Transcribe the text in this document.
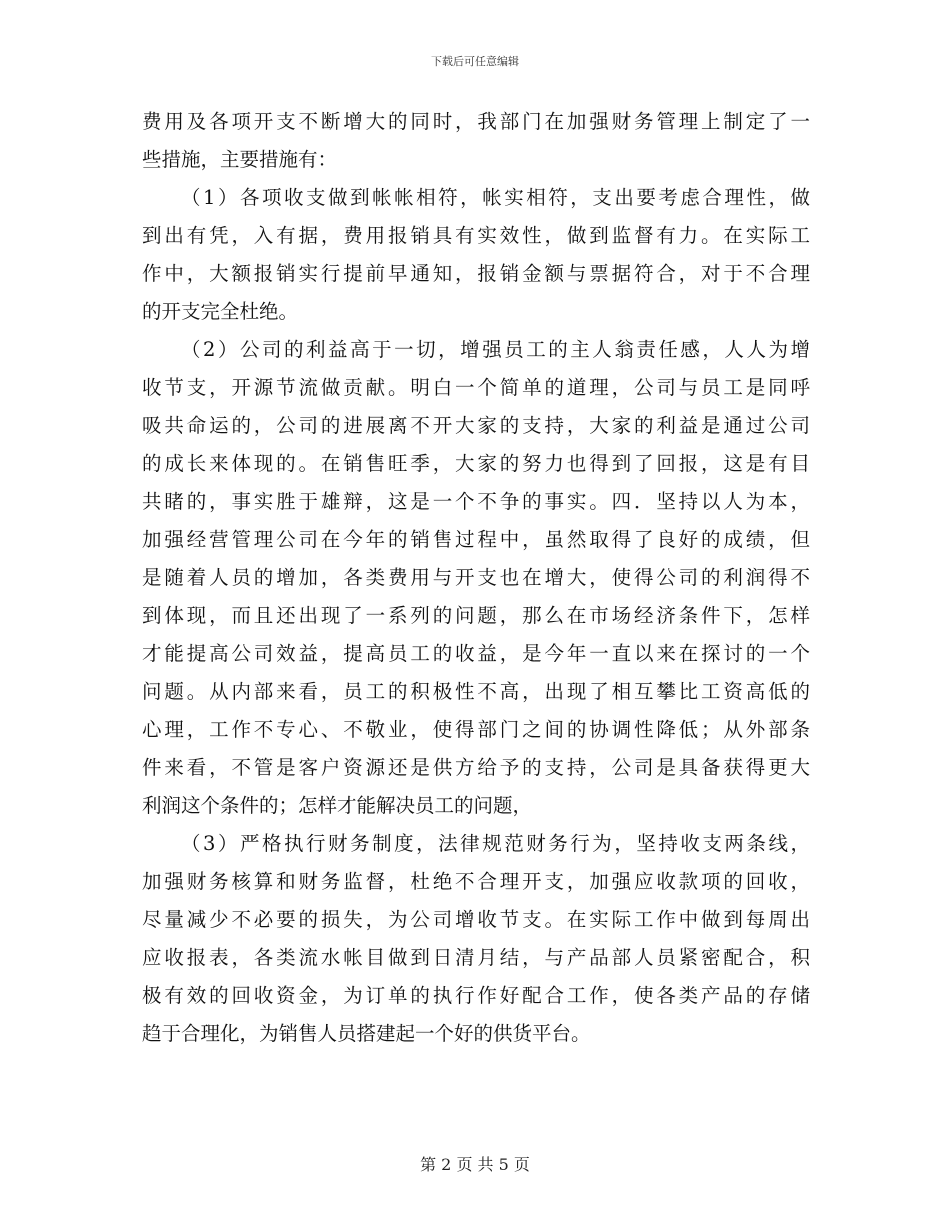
下载后可任意编辑
费用及各项开支不断增大的同时，我部门在加强财务管理上制定了一
些措施，主要措施有：
（1）各项收支做到帐帐相符，帐实相符，支出要考虑合理性，做
到出有凭，入有据，费用报销具有实效性，做到监督有力。在实际工
作中，大额报销实行提前早通知，报销金额与票据符合，对于不合理
的开支完全杜绝。
（2）公司的利益高于一切，增强员工的主人翁责任感，人人为增
收节支，开源节流做贡献。明白一个简单的道理，公司与员工是同呼
吸共命运的，公司的进展离不开大家的支持，大家的利益是通过公司
的成长来体现的。在销售旺季，大家的努力也得到了回报，这是有目
共睹的，事实胜于雄辩，这是一个不争的事实。四．坚持以人为本，
加强经营管理公司在今年的销售过程中，虽然取得了良好的成绩，但
是随着人员的增加，各类费用与开支也在增大，使得公司的利润得不
到体现，而且还出现了一系列的问题，那么在市场经济条件下，怎样
才能提高公司效益，提高员工的收益，是今年一直以来在探讨的一个
问题。从内部来看，员工的积极性不高，出现了相互攀比工资高低的
心理，工作不专心、不敬业，使得部门之间的协调性降低；从外部条
件来看，不管是客户资源还是供方给予的支持，公司是具备获得更大
利润这个条件的；怎样才能解决员工的问题，
（3）严格执行财务制度，法律规范财务行为，坚持收支两条线，
加强财务核算和财务监督，杜绝不合理开支，加强应收款项的回收，
尽量减少不必要的损失，为公司增收节支。在实际工作中做到每周出
应收报表，各类流水帐目做到日清月结，与产品部人员紧密配合，积
极有效的回收资金，为订单的执行作好配合工作，使各类产品的存储
趋于合理化，为销售人员搭建起一个好的供货平台。
第 2 页 共 5 页
